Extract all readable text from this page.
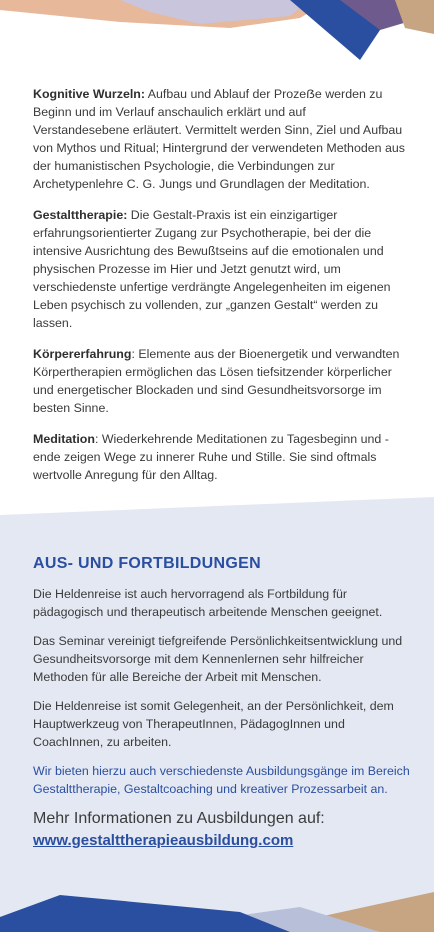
Kognitive Wurzeln: Aufbau und Ablauf der Prozeẞe werden zu Beginn und im Verlauf anschaulich erklärt und auf Verstandesebene erläutert. Vermittelt werden Sinn, Ziel und Aufbau von Mythos und Ritual; Hintergrund der verwendeten Methoden aus der humanistischen Psychologie, die Verbindungen zur Archetypenlehre C. G. Jungs und Grundlagen der Meditation.

Gestalttherapie: Die Gestalt-Praxis ist ein einzigartiger erfahrungsorientierter Zugang zur Psychotherapie, bei der die intensive Ausrichtung des Bewußtseins auf die emotionalen und physischen Prozesse im Hier und Jetzt genutzt wird, um verschiedenste unfertige verdrängte Angelegenheiten im eigenen Leben psychisch zu vollenden, zur „ganzen Gestalt“ werden zu lassen.

Körpererfahrung: Elemente aus der Bioenergetik und verwandten Körpertherapien ermöglichen das Lösen tiefsitzender körperlicher und energetischer Blockaden und sind Gesundheitsvorsorge im besten Sinne.

Meditation: Wiederkehrende Meditationen zu Tagesbeginn und -ende zeigen Wege zu innerer Ruhe und Stille. Sie sind oftmals wertvolle Anregung für den Alltag.

AUS- UND FORTBILDUNGEN

Die Heldenreise ist auch hervorragend als Fortbildung für pädagogisch und therapeutisch arbeitende Menschen geeignet.

Das Seminar vereinigt tiefgreifende Persönlichkeitsentwicklung und Gesundheitsvorsorge mit dem Kennenlernen sehr hilfreicher Methoden für alle Bereiche der Arbeit mit Menschen.

Die Heldenreise ist somit Gelegenheit, an der Persönlichkeit, dem Hauptwerkzeug von TherapeutInnen, PädagogInnen und CoachInnen, zu arbeiten.

Wir bieten hierzu auch verschiedenste Ausbildungsgänge im Bereich Gestalttherapie, Gestaltcoaching und kreativer Prozessarbeit an.

Mehr Informationen zu Ausbildungen auf:
www.gestalttherapieausbildung.com
